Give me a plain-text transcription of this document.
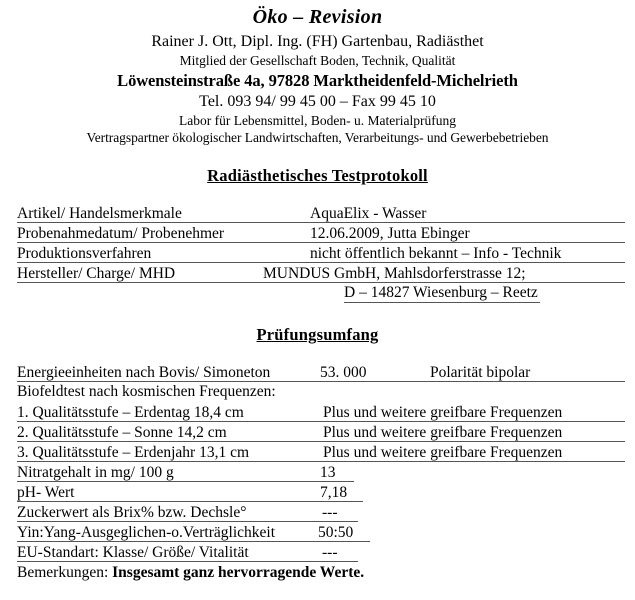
Öko – Revision
Rainer J. Ott, Dipl. Ing. (FH) Gartenbau, Radiästhet
Mitglied der Gesellschaft Boden, Technik, Qualität
Löwensteinstraße 4a, 97828 Marktheidenfeld-Michelrieth
Tel. 093 94/ 99 45 00 – Fax 99 45 10
Labor für Lebensmittel, Boden- u. Materialprüfung
Vertragspartner ökologischer Landwirtschaften, Verarbeitungs- und Gewerbebetrieben
Radiästhetisches Testprotokoll
Artikel/ Handelsmerkmale	AquaElix - Wasser
Probenahmedatum/ Probenehmer	12.06.2009, Jutta Ebinger
Produktionsverfahren	nicht öffentlich bekannt – Info - Technik
Hersteller/ Charge/ MHD	MUNDUS GmbH, Mahlsdorferstrasse 12;
D – 14827 Wiesenburg – Reetz
Prüfungsumfang
Energieeinheiten nach Bovis/ Simoneton	53. 000	Polarität bipolar
Biofeldtest nach kosmischen Frequenzen:
1. Qualitätsstufe – Erdentag 18,4 cm	Plus und weitere greifbare Frequenzen
2. Qualitätsstufe – Sonne 14,2 cm	Plus und weitere greifbare Frequenzen
3. Qualitätsstufe – Erdenjahr 13,1 cm	Plus und weitere greifbare Frequenzen
Nitratgehalt in mg/ 100 g	13
pH- Wert	7,18
Zuckerwert als Brix% bzw. Dechsle°	---
Yin:Yang-Ausgeglichen-o.Verträglichkeit	50:50
EU-Standart: Klasse/ Größe/ Vitalität	---
Bemerkungen: Insgesamt ganz hervorragende Werte.
